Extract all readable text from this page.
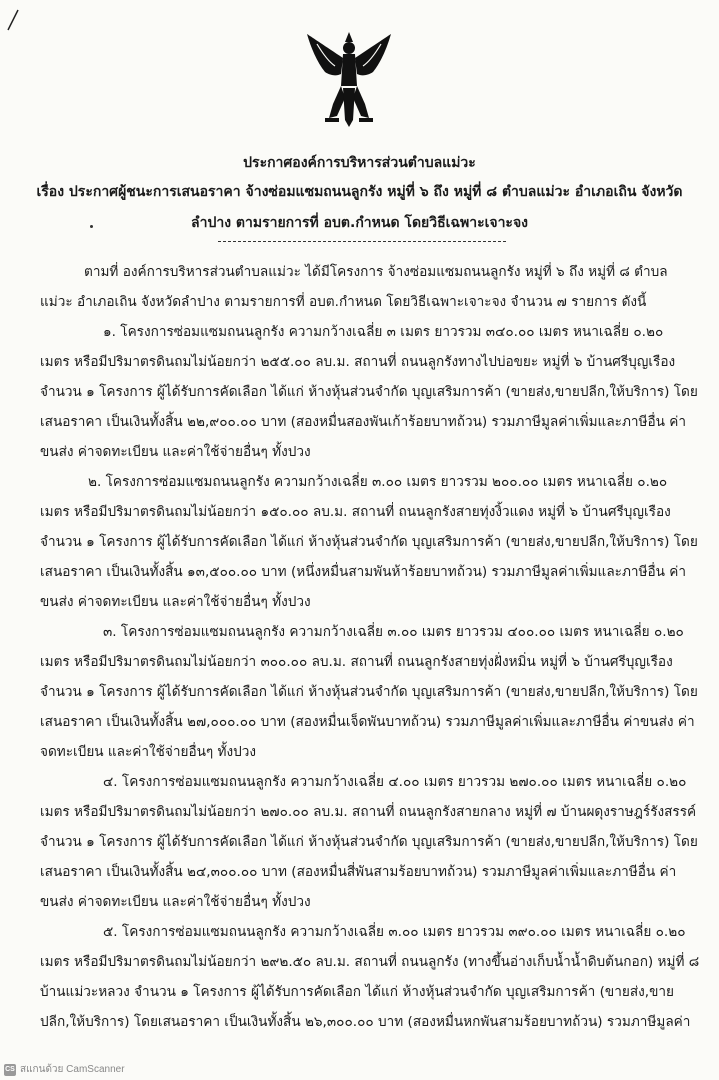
ประกาศองค์การบริหารส่วนตำบลแม่วะ
เรื่อง ประกาศผู้ชนะการเสนอราคา จ้างซ่อมแซมถนนลูกรัง หมู่ที่ ๖ ถึง หมู่ที่ ๘ ตำบลแม่วะ อำเภอเถิน จังหวัด
ลำปาง ตามรายการที่ อบต.กำหนด โดยวิธีเฉพาะเจาะจง
ตามที่ องค์การบริหารส่วนตำบลแม่วะ ได้มีโครงการ จ้างซ่อมแซมถนนลูกรัง หมู่ที่ ๖ ถึง หมู่ที่ ๘ ตำบล
แม่วะ อำเภอเถิน จังหวัดลำปาง ตามรายการที่ อบต.กำหนด โดยวิธีเฉพาะเจาะจง จำนวน ๗ รายการ ดังนี้
๑. โครงการซ่อมแซมถนนลูกรัง ความกว้างเฉลี่ย ๓ เมตร ยาวรวม ๓๔๐.๐๐ เมตร หนาเฉลี่ย ๐.๒๐
เมตร หรือมีปริมาตรดินถมไม่น้อยกว่า ๒๕๕.๐๐ ลบ.ม. สถานที่ ถนนลูกรังทางไปบ่อขยะ หมู่ที่ ๖ บ้านศรีบุญเรือง
จำนวน ๑ โครงการ ผู้ได้รับการคัดเลือก ได้แก่ ห้างหุ้นส่วนจำกัด บุญเสริมการค้า (ขายส่ง,ขายปลีก,ให้บริการ) โดย
เสนอราคา เป็นเงินทั้งสิ้น ๒๒,๙๐๐.๐๐ บาท (สองหมื่นสองพันเก้าร้อยบาทถ้วน) รวมภาษีมูลค่าเพิ่มและภาษีอื่น ค่า
ขนส่ง ค่าจดทะเบียน และค่าใช้จ่ายอื่นๆ ทั้งปวง
๒. โครงการซ่อมแซมถนนลูกรัง ความกว้างเฉลี่ย ๓.๐๐ เมตร ยาวรวม ๒๐๐.๐๐ เมตร หนาเฉลี่ย ๐.๒๐
เมตร หรือมีปริมาตรดินถมไม่น้อยกว่า ๑๕๐.๐๐ ลบ.ม. สถานที่ ถนนลูกรังสายทุ่งงิ้วแดง หมู่ที่ ๖ บ้านศรีบุญเรือง
จำนวน ๑ โครงการ ผู้ได้รับการคัดเลือก ได้แก่ ห้างหุ้นส่วนจำกัด บุญเสริมการค้า (ขายส่ง,ขายปลีก,ให้บริการ) โดย
เสนอราคา เป็นเงินทั้งสิ้น ๑๓,๕๐๐.๐๐ บาท (หนึ่งหมื่นสามพันห้าร้อยบาทถ้วน) รวมภาษีมูลค่าเพิ่มและภาษีอื่น ค่า
ขนส่ง ค่าจดทะเบียน และค่าใช้จ่ายอื่นๆ ทั้งปวง
๓. โครงการซ่อมแซมถนนลูกรัง ความกว้างเฉลี่ย ๓.๐๐ เมตร ยาวรวม ๔๐๐.๐๐ เมตร หนาเฉลี่ย ๐.๒๐
เมตร หรือมีปริมาตรดินถมไม่น้อยกว่า ๓๐๐.๐๐ ลบ.ม. สถานที่ ถนนลูกรังสายทุ่งฝั่งหมิ่น หมู่ที่ ๖ บ้านศรีบุญเรือง
จำนวน ๑ โครงการ ผู้ได้รับการคัดเลือก ได้แก่ ห้างหุ้นส่วนจำกัด บุญเสริมการค้า (ขายส่ง,ขายปลีก,ให้บริการ) โดย
เสนอราคา เป็นเงินทั้งสิ้น ๒๗,๐๐๐.๐๐ บาท (สองหมื่นเจ็ดพันบาทถ้วน) รวมภาษีมูลค่าเพิ่มและภาษีอื่น ค่าขนส่ง ค่า
จดทะเบียน และค่าใช้จ่ายอื่นๆ ทั้งปวง
๔. โครงการซ่อมแซมถนนลูกรัง ความกว้างเฉลี่ย ๔.๐๐ เมตร ยาวรวม ๒๗๐.๐๐ เมตร หนาเฉลี่ย ๐.๒๐
เมตร หรือมีปริมาตรดินถมไม่น้อยกว่า ๒๗๐.๐๐ ลบ.ม. สถานที่ ถนนลูกรังสายกลาง หมู่ที่ ๗ บ้านผดุงราษฎร์รังสรรค์
จำนวน ๑ โครงการ ผู้ได้รับการคัดเลือก ได้แก่ ห้างหุ้นส่วนจำกัด บุญเสริมการค้า (ขายส่ง,ขายปลีก,ให้บริการ) โดย
เสนอราคา เป็นเงินทั้งสิ้น ๒๔,๓๐๐.๐๐ บาท (สองหมื่นสี่พันสามร้อยบาทถ้วน) รวมภาษีมูลค่าเพิ่มและภาษีอื่น ค่า
ขนส่ง ค่าจดทะเบียน และค่าใช้จ่ายอื่นๆ ทั้งปวง
๕. โครงการซ่อมแซมถนนลูกรัง ความกว้างเฉลี่ย ๓.๐๐ เมตร ยาวรวม ๓๙๐.๐๐ เมตร หนาเฉลี่ย ๐.๒๐
เมตร หรือมีปริมาตรดินถมไม่น้อยกว่า ๒๙๒.๕๐ ลบ.ม. สถานที่ ถนนลูกรัง (ทางขึ้นอ่างเก็บน้ำน้ำดิบต้นกอก) หมู่ที่ ๘
บ้านแม่วะหลวง จำนวน ๑ โครงการ ผู้ได้รับการคัดเลือก ได้แก่ ห้างหุ้นส่วนจำกัด บุญเสริมการค้า (ขายส่ง,ขาย
ปลีก,ให้บริการ) โดยเสนอราคา เป็นเงินทั้งสิ้น ๒๖,๓๐๐.๐๐ บาท (สองหมื่นหกพันสามร้อยบาทถ้วน) รวมภาษีมูลค่า
CS สแกนด้วย CamScanner
